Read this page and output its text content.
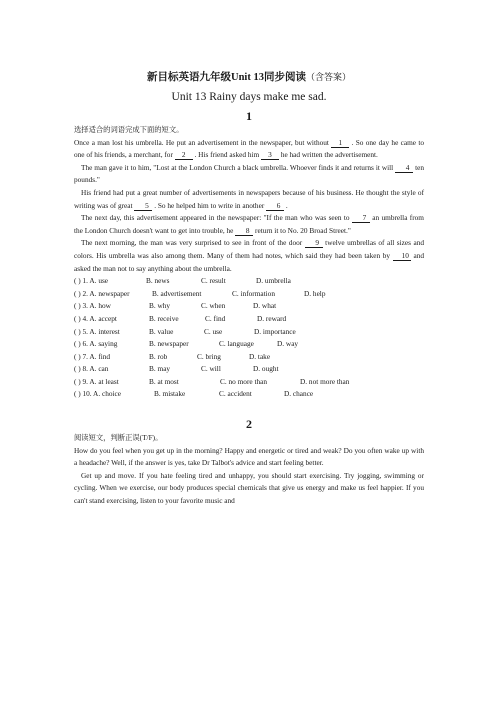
新目标英语九年级Unit 13同步阅读（含答案）
Unit 13 Rainy days make me sad.
1
选择适合的词语完成下面的短文。
Once a man lost his umbrella. He put an advertisement in the newspaper, but without 1 . So one day he came to one of his friends, a merchant, for 2 . His friend asked him 3 he had written the advertisement.
The man gave it to him, "Lost at the London Church a black umbrella. Whoever finds it and returns it will 4 ten pounds."
His friend had put a great number of advertisements in newspapers because of his business. He thought the style of writing was of great 5 . So he helped him to write in another 6 .
The next day, this advertisement appeared in the newspaper: "If the man who was seen to 7 an umbrella from the London Church doesn't want to get into trouble, he 8 return it to No. 20 Broad Street."
The next morning, the man was very surprised to see in front of the door 9 twelve umbrellas of all sizes and colors. His umbrella was also among them. Many of them had notes, which said they had been taken by 10 and asked the man not to say anything about the umbrella.
( ) 1. A. use	B. news	C. result	D. umbrella
( ) 2. A. newspaper	B. advertisement	C. information	D. help
( ) 3. A. how	B. why	C. when	D. what
( ) 4. A. accept	B. receive	C. find	D. reward
( ) 5. A. interest	B. value	C. use	D. importance
( ) 6. A. saying	B. newspaper	C. language	D. way
( ) 7. A. find	B. rob	C. bring	D. take
( ) 8. A. can	B. may	C. will	D. ought
( ) 9. A. at least	B. at most	C. no more than	D. not more than
( ) 10. A. choice	B. mistake	C. accident	D. chance
2
阅读短文，判断正误(T/F)。
How do you feel when you get up in the morning? Happy and energetic or tired and weak? Do you often wake up with a headache? Well, if the answer is yes, take Dr Talbot's advice and start feeling better.
Get up and move. If you hate feeling tired and unhappy, you should start exercising. Try jogging, swimming or cycling. When we exercise, our body produces special chemicals that give us energy and make us feel happier. If you can't stand exercising, listen to your favorite music and
